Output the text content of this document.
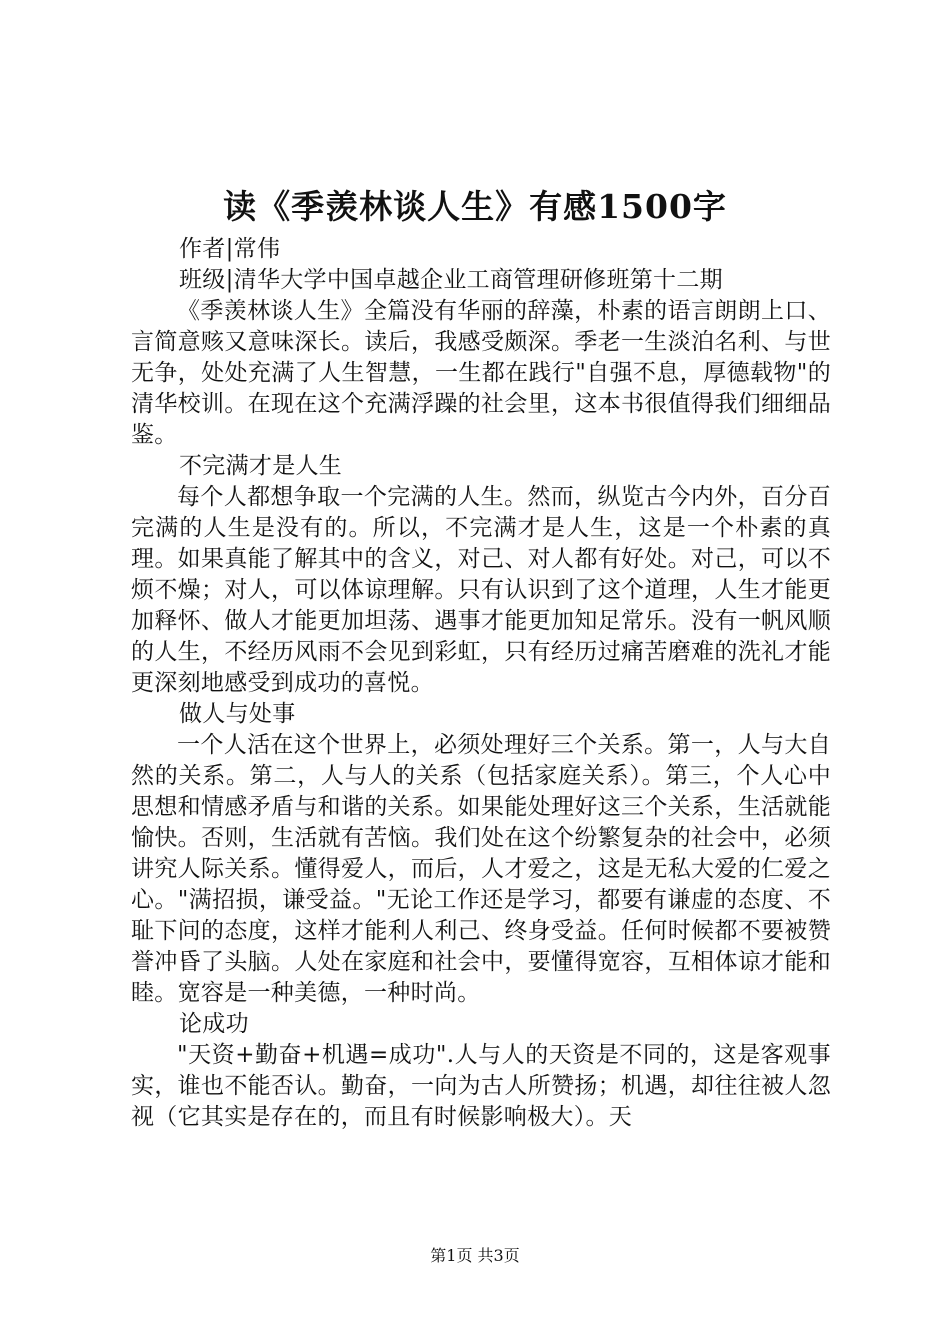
读《季羡林谈人生》有感1500字

作者|常伟

班级|清华大学中国卓越企业工商管理研修班第十二期

《季羡林谈人生》全篇没有华丽的辞藻，朴素的语言朗朗上口、言简意赅又意味深长。读后，我感受颇深。季老一生淡泊名利、与世无争，处处充满了人生智慧，一生都在践行"自强不息，厚德载物"的清华校训。在现在这个充满浮躁的社会里，这本书很值得我们细细品鉴。

不完满才是人生

每个人都想争取一个完满的人生。然而，纵览古今内外，百分百完满的人生是没有的。所以，不完满才是人生，这是一个朴素的真理。如果真能了解其中的含义，对己、对人都有好处。对己，可以不烦不燥；对人，可以体谅理解。只有认识到了这个道理，人生才能更加释怀、做人才能更加坦荡、遇事才能更加知足常乐。没有一帆风顺的人生，不经历风雨不会见到彩虹，只有经历过痛苦磨难的洗礼才能更深刻地感受到成功的喜悦。

做人与处事

一个人活在这个世界上，必须处理好三个关系。第一，人与大自然的关系。第二，人与人的关系（包括家庭关系）。第三，个人心中思想和情感矛盾与和谐的关系。如果能处理好这三个关系，生活就能愉快。否则，生活就有苦恼。我们处在这个纷繁复杂的社会中，必须讲究人际关系。懂得爱人，而后，人才爱之，这是无私大爱的仁爱之心。"满招损，谦受益。"无论工作还是学习，都要有谦虚的态度、不耻下问的态度，这样才能利人利己、终身受益。任何时候都不要被赞誉冲昏了头脑。人处在家庭和社会中，要懂得宽容，互相体谅才能和睦。宽容是一种美德，一种时尚。

论成功

"天资+勤奋+机遇=成功".人与人的天资是不同的，这是客观事实，谁也不能否认。勤奋，一向为古人所赞扬；机遇，却往往被人忽视（它其实是存在的，而且有时候影响极大）。天

第1页 共3页
